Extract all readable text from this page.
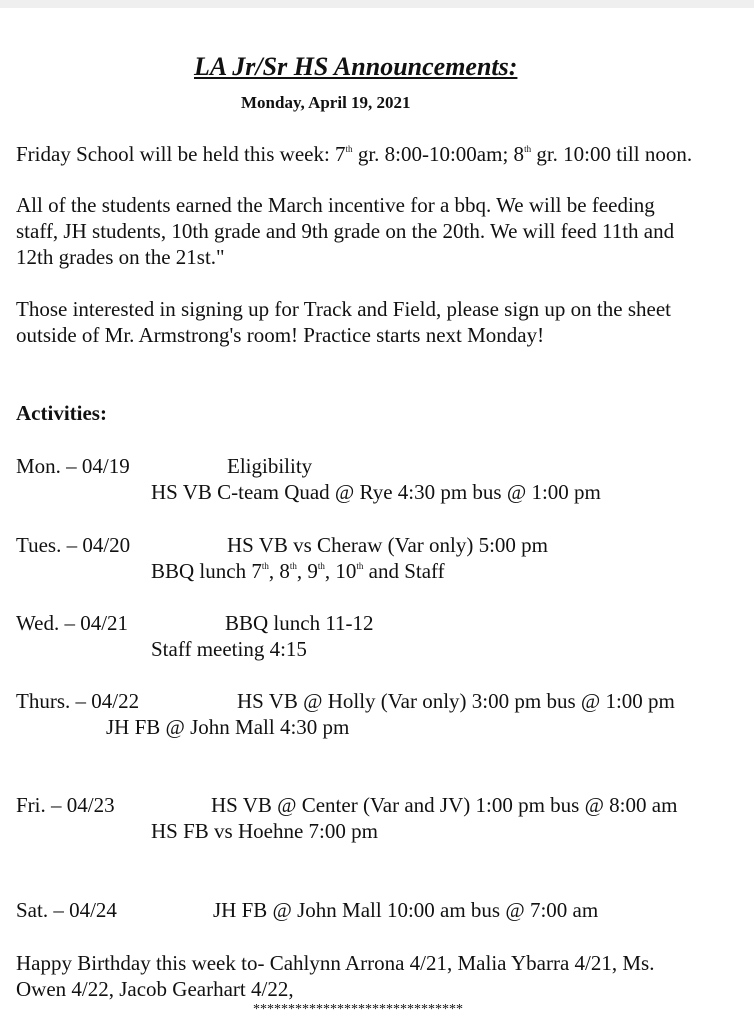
LA Jr/Sr HS Announcements:
Monday, April 19, 2021
Friday School will be held this week: 7th gr. 8:00-10:00am; 8th gr. 10:00 till noon.
All of the students earned the March incentive for a bbq. We will be feeding
staff, JH students, 10th grade and 9th grade on the 20th. We will feed 11th and
12th grades on the 21st."
Those interested in signing up for Track and Field, please sign up on the sheet
outside of Mr. Armstrong's room! Practice starts next Monday!
Activities:
Mon. – 04/19	Eligibility
HS VB C-team Quad @ Rye 4:30 pm bus @ 1:00 pm
Tues. – 04/20	HS VB vs Cheraw (Var only) 5:00 pm
BBQ lunch 7th, 8th, 9th, 10th and Staff
Wed. – 04/21	BBQ lunch 11-12
Staff meeting 4:15
Thurs. – 04/22	HS VB @ Holly (Var only) 3:00 pm bus @ 1:00 pm
JH FB @ John Mall 4:30 pm
Fri. – 04/23	HS VB @ Center (Var and JV) 1:00 pm bus @ 8:00 am
HS FB vs Hoehne 7:00 pm
Sat. – 04/24	JH FB @ John Mall 10:00 am bus @ 7:00 am
Happy Birthday this week to- Cahlynn Arrona 4/21, Malia Ybarra 4/21, Ms.
Owen 4/22, Jacob Gearhart 4/22,
******************************
